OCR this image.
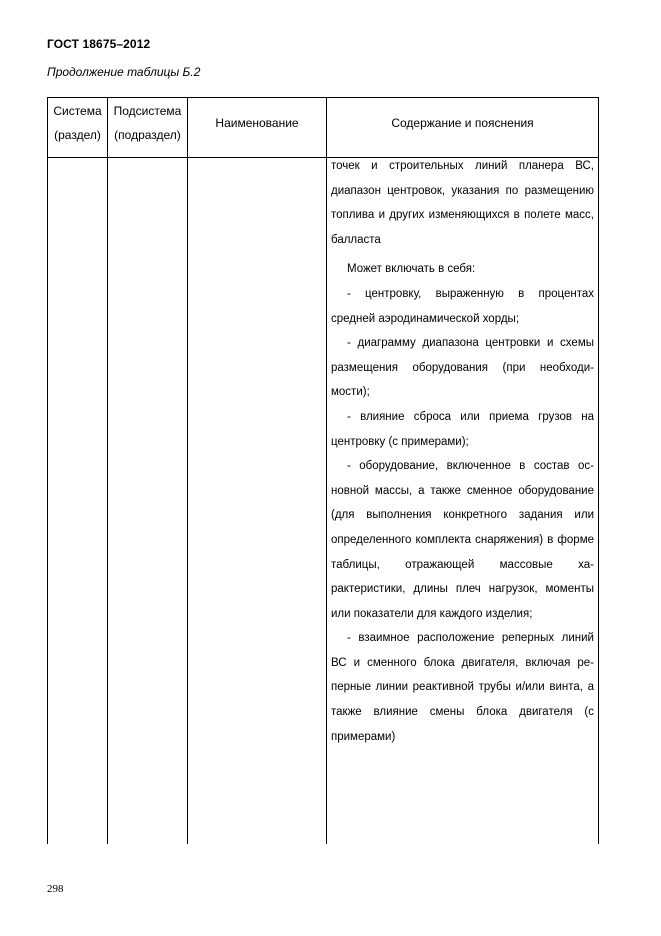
ГОСТ 18675–2012
Продолжение таблицы Б.2
Система
(раздел)
Подсистема
(подраздел)
Наименование	Содержание и пояснения

точек и строительных линий планера ВС, диапазон центровок, указания по размещению топлива и других изменяющихся в полете масс, балласта

Может включать в себя:

- центровку, выраженную в процентах средней аэродинамической хорды;

- диаграмму диапазона центровки и схемы размещения оборудования (при необходимости);

- влияние сброса или приема грузов на центровку (с примерами);

- оборудование, включенное в состав основной массы, а также сменное оборудование (для выполнения конкретного задания или определенного комплекта снаряжения) в форме таблицы, отражающей массовые характеристики, длины плеч нагрузок, моменты или показатели для каждого изделия;

- взаимное расположение реперных линий ВС и сменного блока двигателя, включая реперные линии реактивной трубы и/или винта, а также влияние смены блока двигателя (с примерами)

298
